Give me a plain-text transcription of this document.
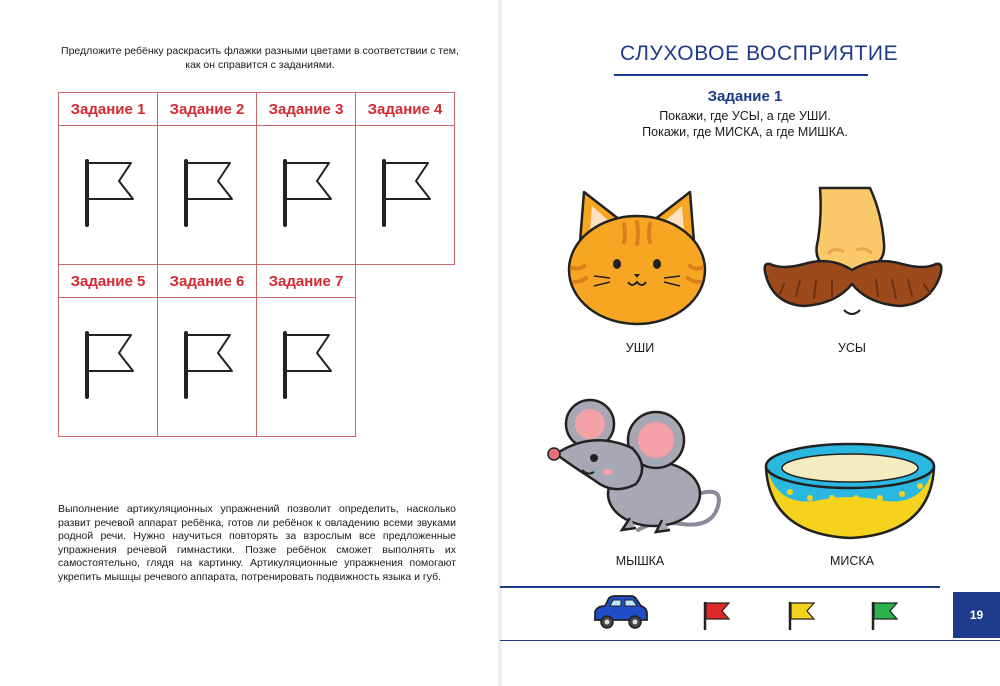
Предложите ребёнку раскрасить флажки разными цветами в соответствии с тем, как он справится с заданиями.
Задание 1	Задание 2	Задание 3	Задание 4
Задание 5	Задание 6	Задание 7
Выполнение артикуляционных упражнений позволит определить, насколько развит речевой аппарат ребёнка, готов ли ребёнок к овладению всеми звуками родной речи. Нужно научиться повторять за взрослым все предложенные упражнения речевой гимнастики. Позже ребёнок сможет выполнять их самостоятельно, глядя на картинку. Артикуляционные упражнения помогают укрепить мышцы речевого аппарата, потренировать подвижность языка и губ.
СЛУХОВОЕ ВОСПРИЯТИЕ
Задание 1
Покажи, где УСЫ, а где УШИ.
Покажи, где МИСКА, а где МИШКА.
УШИ	УСЫ
МЫШКА	МИСКА
19
